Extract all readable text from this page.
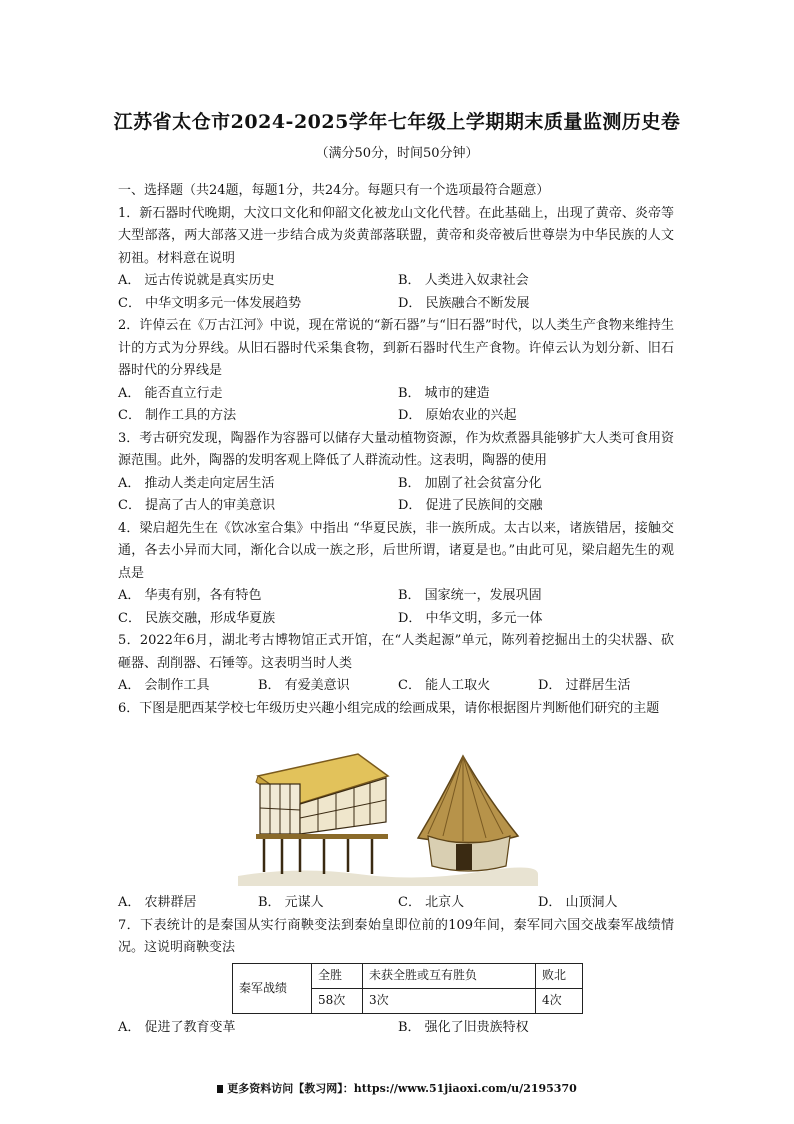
江苏省太仓市2024-2025学年七年级上学期期末质量监测历史卷
（满分50分，时间50分钟）

一、选择题（共24题，每题1分，共24分。每题只有一个选项最符合题意）

1．新石器时代晚期，大汶口文化和仰韶文化被龙山文化代替。在此基础上，出现了黄帝、炎帝等大型部落，两大部落又进一步结合成为炎黄部落联盟，黄帝和炎帝被后世尊崇为中华民族的人文初祖。材料意在说明

A． 远古传说就是真实历史	B． 人类进入奴隶社会
C． 中华文明多元一体发展趋势	D． 民族融合不断发展

2．许倬云在《万古江河》中说，现在常说的“新石器”与“旧石器”时代，以人类生产食物来维持生计的方式为分界线。从旧石器时代采集食物，到新石器时代生产食物。许倬云认为划分新、旧石器时代的分界线是

A． 能否直立行走	B． 城市的建造
C． 制作工具的方法	D． 原始农业的兴起

3．考古研究发现，陶器作为容器可以储存大量动植物资源，作为炊煮器具能够扩大人类可食用资源范围。此外，陶器的发明客观上降低了人群流动性。这表明，陶器的使用

A． 推动人类走向定居生活	B． 加剧了社会贫富分化
C． 提高了古人的审美意识	D． 促进了民族间的交融

4．梁启超先生在《饮冰室合集》中指出 “华夏民族，非一族所成。太古以来，诸族错居，接触交通，各去小异而大同，渐化合以成一族之形，后世所谓，诸夏是也。”由此可见，梁启超先生的观点是

A． 华夷有别，各有特色	B． 国家统一，发展巩固
C． 民族交融，形成华夏族	D． 中华文明，多元一体

5．2022年6月，湖北考古博物馆正式开馆，在“人类起源”单元，陈列着挖掘出土的尖状器、砍砸器、刮削器、石锤等。这表明当时人类

A． 会制作工具	B． 有爱美意识	C． 能人工取火	D． 过群居生活

6．下图是肥西某学校七年级历史兴趣小组完成的绘画成果，请你根据图片判断他们研究的主题

A． 农耕群居	B． 元谋人	C． 北京人	D． 山顶洞人

7．下表统计的是秦国从实行商鞅变法到秦始皇即位前的109年间，秦军同六国交战秦军战绩情况。这说明商鞅变法

秦军战绩	全胜	未获全胜或互有胜负	败北
	58次	3次	4次
A． 促进了教育变革	B． 强化了旧贵族特权
更多资料访问【教习网】：https://www.51jiaoxi.com/u/2195370
